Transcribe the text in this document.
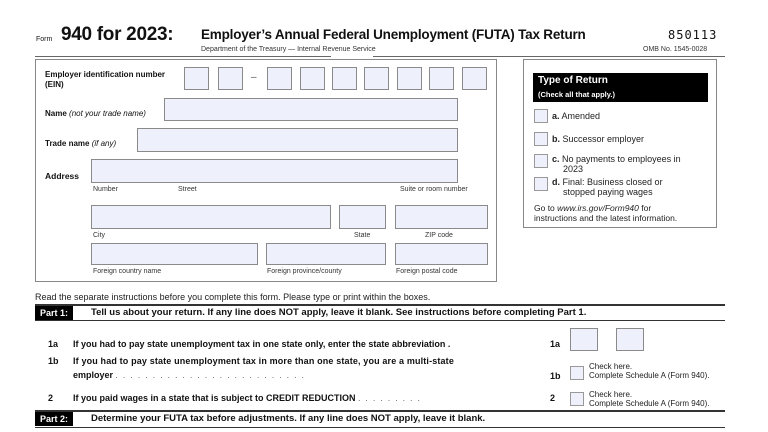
Form 940 for 2023: Employer’s Annual Federal Unemployment (FUTA) Tax Return
Department of the Treasury — Internal Revenue Service
850113
OMB No. 1545-0028
Employer identification number
(EIN)
–
Name (not your trade name)
Trade name (if any)
Address
Number	Street	Suite or room number
City	State	ZIP code
Foreign country name	Foreign province/county	Foreign postal code
Type of Return
(Check all that apply.)
a. Amended
b. Successor employer
c. No payments to employees in
2023
d. Final: Business closed or
stopped paying wages
Go to www.irs.gov/Form940 for
instructions and the latest information.
Read the separate instructions before you complete this form. Please type or print within the boxes.
Part 1:	Tell us about your return. If any line does NOT apply, leave it blank. See instructions before completing Part 1.
1a If you had to pay state unemployment tax in one state only, enter the state abbreviation .	1a
1b If you had to pay state unemployment tax in more than one state, you are a multi-state
employer . . . . . . . . . . . . . . . . . . . . . . . . . .	1b
Check here.
Complete Schedule A (Form 940).
2 If you paid wages in a state that is subject to CREDIT REDUCTION . . . . . . . . .	2	Check here.
Complete Schedule A (Form 940).
Part 2:	Determine your FUTA tax before adjustments. If any line does NOT apply, leave it blank.
